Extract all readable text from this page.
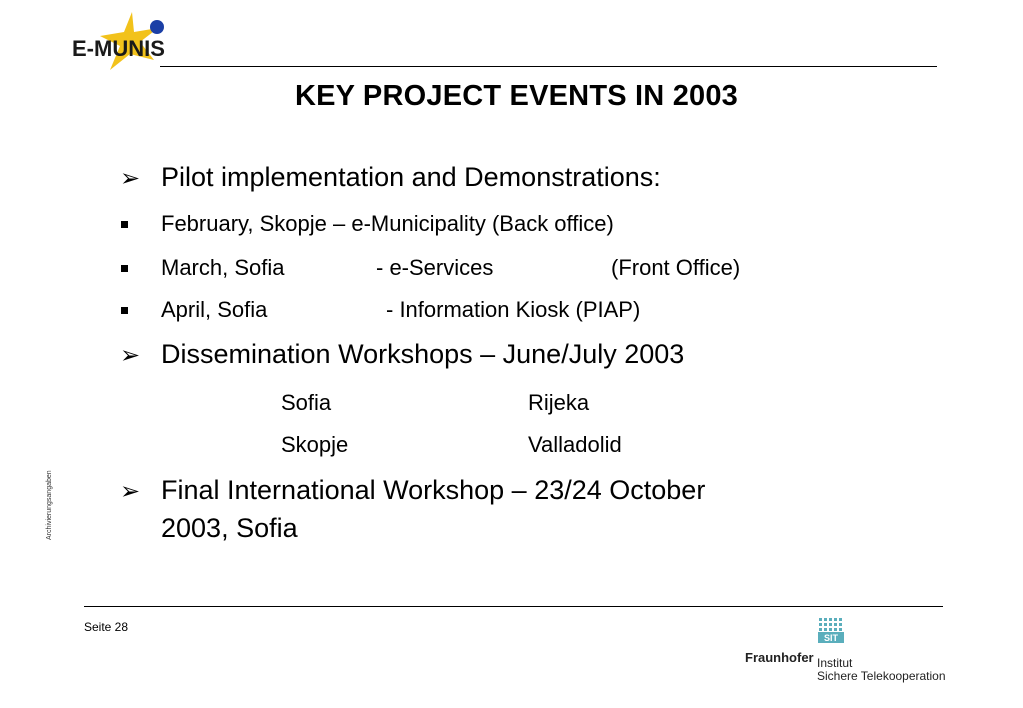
E-MUNIS
KEY PROJECT EVENTS IN 2003
➢ Pilot implementation and Demonstrations:
February, Skopje – e-Municipality (Back office)
March, Sofia	- e-Services	(Front Office)
April, Sofia	- Information Kiosk (PIAP)
➢ Dissemination Workshops – June/July 2003
Sofia	Rijeka
Skopje	Valladolid
➢ Final International Workshop – 23/24 October
2003, Sofia
Archivierungsangaben
Seite 28
SIT
Fraunhofer Institut
Sichere Telekooperation
